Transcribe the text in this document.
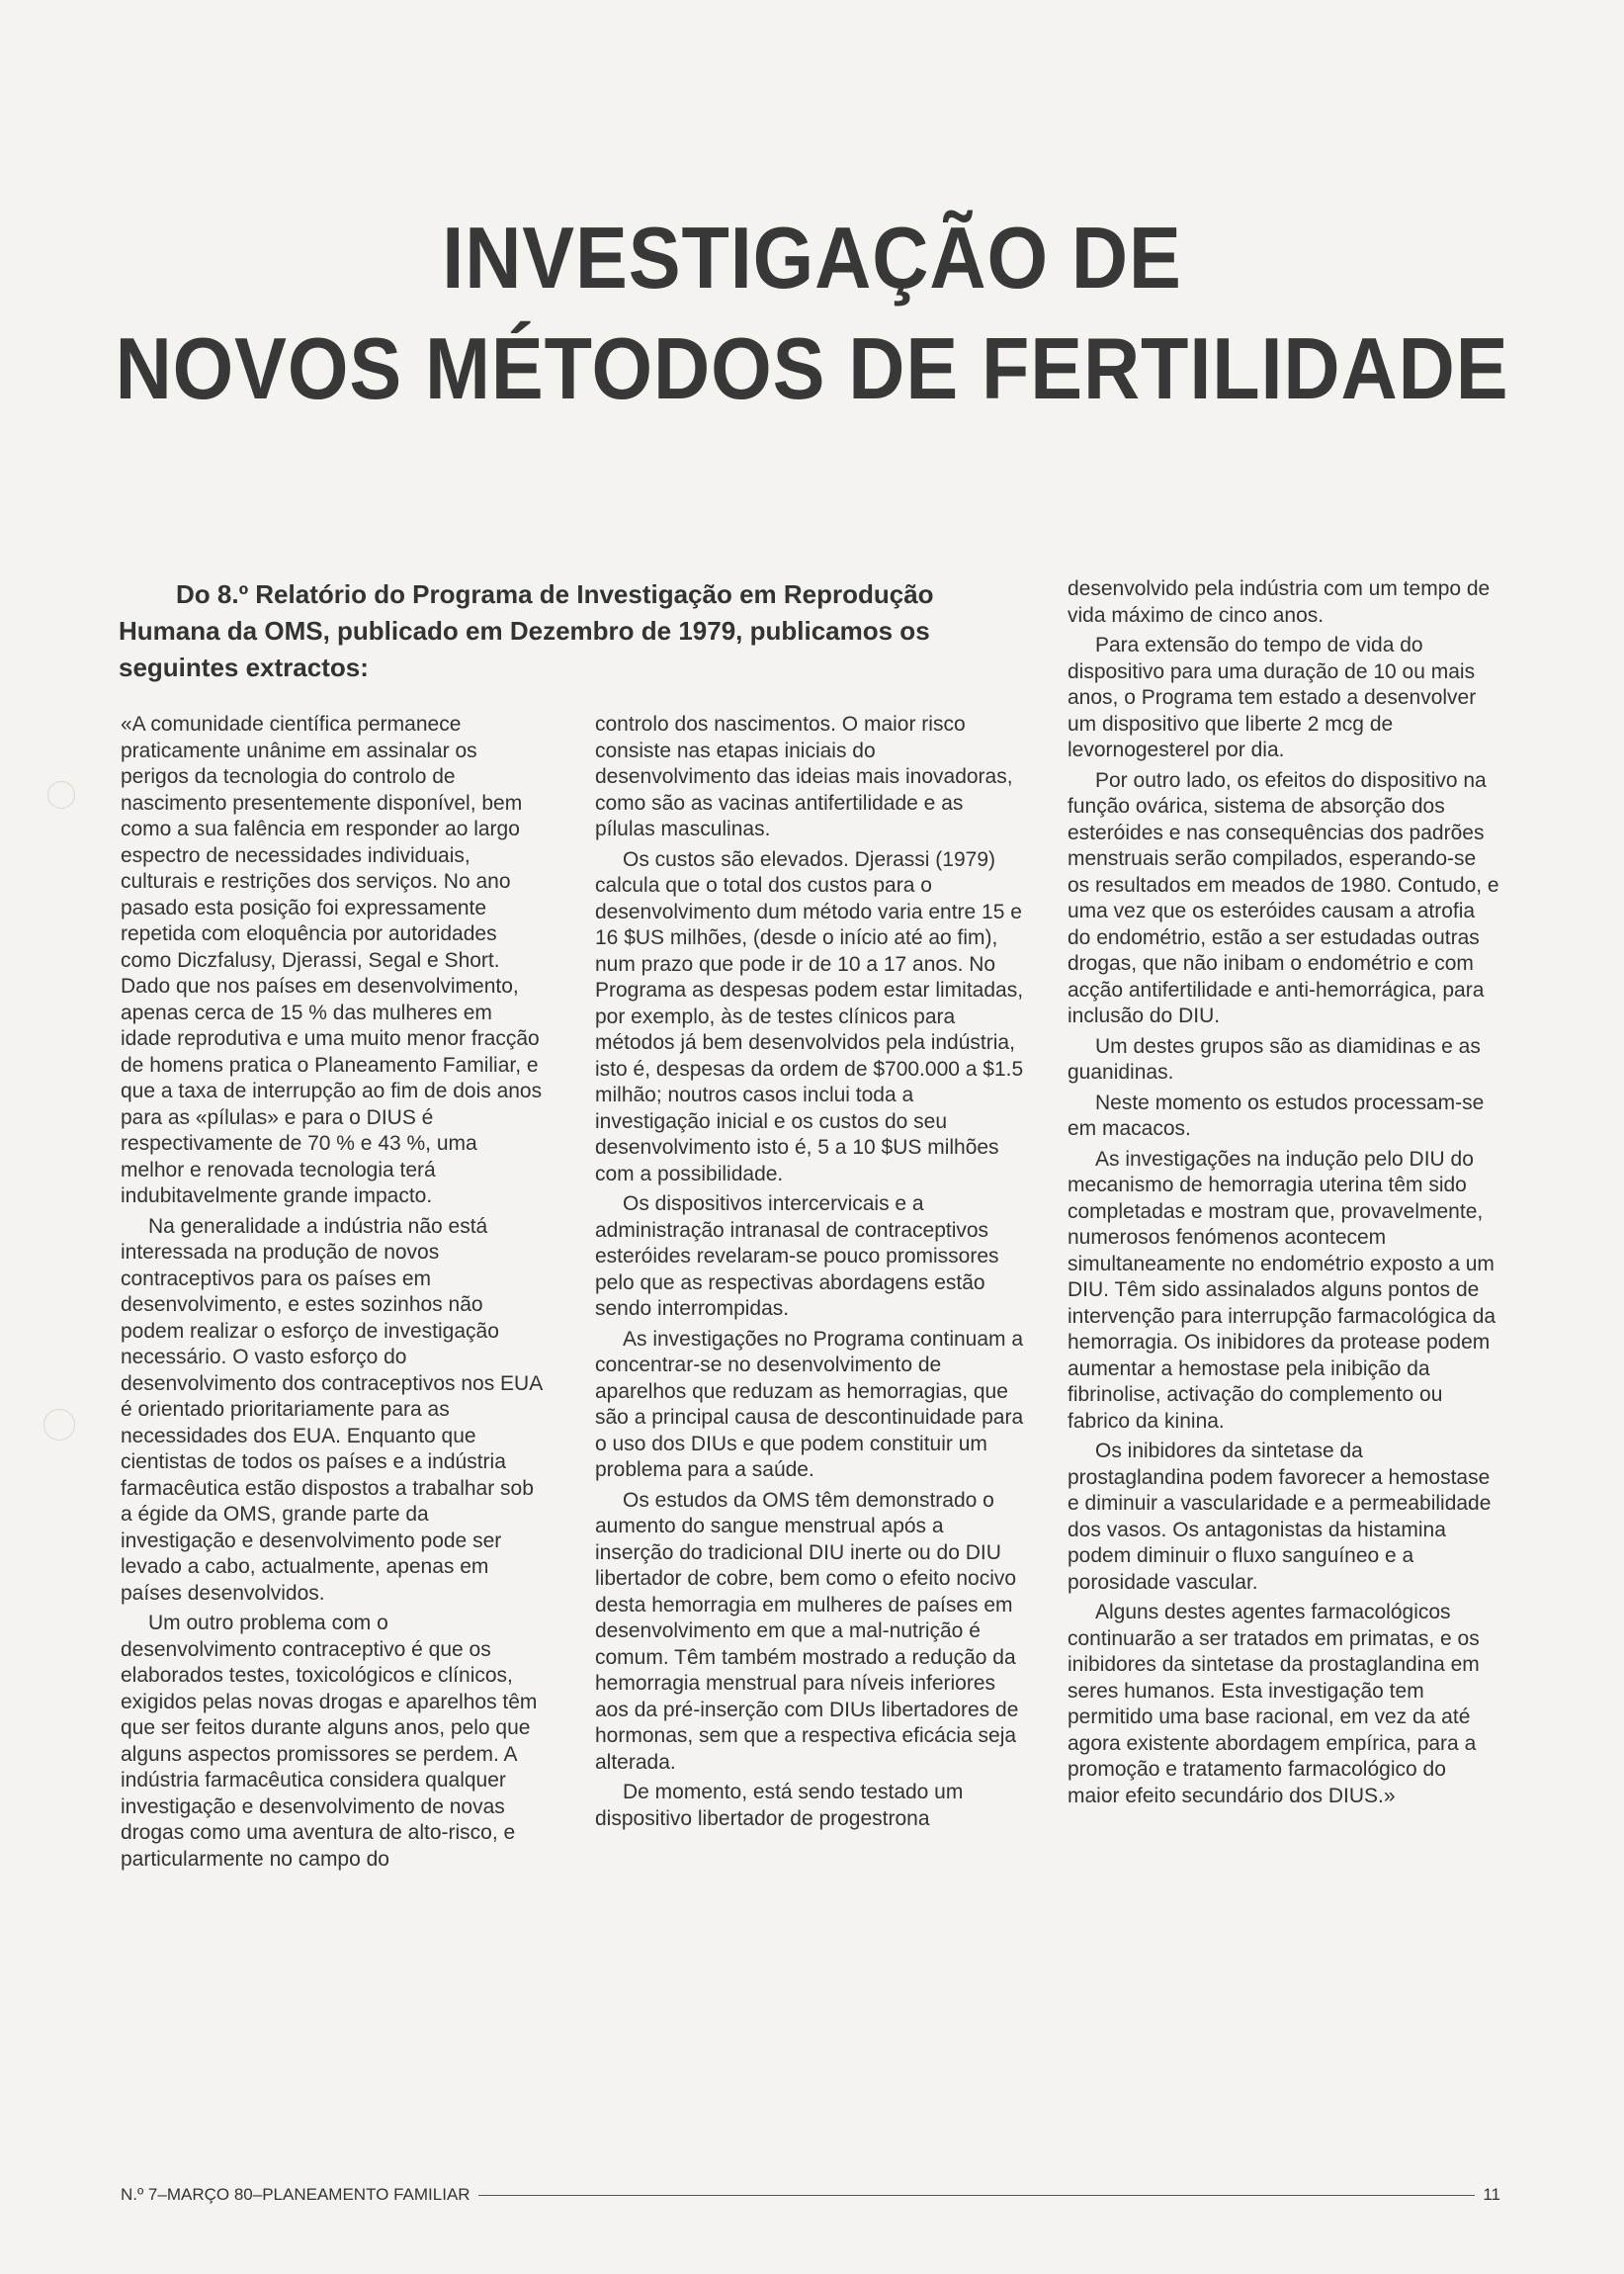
INVESTIGAÇÃO DE
NOVOS MÉTODOS DE FERTILIDADE
Do 8.º Relatório do Programa de Investigação em Reprodução
Humana da OMS, publicado em Dezembro de 1979, publicamos os
seguintes extractos:

«A comunidade científica permanece praticamente unânime em assinalar os perigos da tecnologia do controlo de nascimento presentemente disponível, bem como a sua falência em responder ao largo espectro de necessidades individuais, culturais e restrições dos serviços. No ano pasado esta posição foi expressamente repetida com eloquência por autoridades como Diczfalusy, Djerassi, Segal e Short. Dado que nos países em desenvolvimento, apenas cerca de 15 % das mulheres em idade reprodutiva e uma muito menor fracção de homens pratica o Planeamento Familiar, e que a taxa de interrupção ao fim de dois anos para as «pílulas» e para o DIUS é respectivamente de 70 % e 43 %, uma melhor e renovada tecnologia terá indubitavelmente grande impacto.

Na generalidade a indústria não está interessada na produção de novos contraceptivos para os países em desenvolvimento, e estes sozinhos não podem realizar o esforço de investigação necessário. O vasto esforço do desenvolvimento dos contraceptivos nos EUA é orientado prioritariamente para as necessidades dos EUA. Enquanto que cientistas de todos os países e a indústria farmacêutica estão dispostos a trabalhar sob a égide da OMS, grande parte da investigação e desenvolvimento pode ser levado a cabo, actualmente, apenas em países desenvolvidos.

Um outro problema com o desenvolvimento contraceptivo é que os elaborados testes, toxicológicos e clínicos, exigidos pelas novas drogas e aparelhos têm que ser feitos durante alguns anos, pelo que alguns aspectos promissores se perdem. A indústria farmacêutica considera qualquer investigação e desenvolvimento de novas drogas como uma aventura de alto-risco, e particularmente no campo do

controlo dos nascimentos. O maior risco consiste nas etapas iniciais do desenvolvimento das ideias mais inovadoras, como são as vacinas antifertilidade e as pílulas masculinas.

Os custos são elevados. Djerassi (1979) calcula que o total dos custos para o desenvolvimento dum método varia entre 15 e 16 $US milhões, (desde o início até ao fim), num prazo que pode ir de 10 a 17 anos. No Programa as despesas podem estar limitadas, por exemplo, às de testes clínicos para métodos já bem desenvolvidos pela indústria, isto é, despesas da ordem de $700.000 a $1.5 milhão; noutros casos inclui toda a investigação inicial e os custos do seu desenvolvimento isto é, 5 a 10 $US milhões com a possibilidade.

Os dispositivos intercervicais e a administração intranasal de contraceptivos esteróides revelaram-se pouco promissores pelo que as respectivas abordagens estão sendo interrompidas.

As investigações no Programa continuam a concentrar-se no desenvolvimento de aparelhos que reduzam as hemorragias, que são a principal causa de descontinuidade para o uso dos DIUs e que podem constituir um problema para a saúde.

Os estudos da OMS têm demonstrado o aumento do sangue menstrual após a inserção do tradicional DIU inerte ou do DIU libertador de cobre, bem como o efeito nocivo desta hemorragia em mulheres de países em desenvolvimento em que a mal-nutrição é comum. Têm também mostrado a redução da hemorragia menstrual para níveis inferiores aos da pré-inserção com DIUs libertadores de hormonas, sem que a respectiva eficácia seja alterada.

De momento, está sendo testado um dispositivo libertador de progestrona

desenvolvido pela indústria com um tempo de vida máximo de cinco anos.

Para extensão do tempo de vida do dispositivo para uma duração de 10 ou mais anos, o Programa tem estado a desenvolver um dispositivo que liberte 2 mcg de levornogesterel por dia.

Por outro lado, os efeitos do dispositivo na função ovárica, sistema de absorção dos esteróides e nas consequências dos padrões menstruais serão compilados, esperando-se os resultados em meados de 1980. Contudo, e uma vez que os esteróides causam a atrofia do endométrio, estão a ser estudadas outras drogas, que não inibam o endométrio e com acção antifertilidade e anti-hemorrágica, para inclusão do DIU.

Um destes grupos são as diamidinas e as guanidinas.

Neste momento os estudos processam-se em macacos.

As investigações na indução pelo DIU do mecanismo de hemorragia uterina têm sido completadas e mostram que, provavelmente, numerosos fenómenos acontecem simultaneamente no endométrio exposto a um DIU. Têm sido assinalados alguns pontos de intervenção para interrupção farmacológica da hemorragia. Os inibidores da protease podem aumentar a hemostase pela inibição da fibrinolise, activação do complemento ou fabrico da kinina.

Os inibidores da sintetase da prostaglandina podem favorecer a hemostase e diminuir a vascularidade e a permeabilidade dos vasos. Os antagonistas da histamina podem diminuir o fluxo sanguíneo e a porosidade vascular.

Alguns destes agentes farmacológicos continuarão a ser tratados em primatas, e os inibidores da sintetase da prostaglandina em seres humanos. Esta investigação tem permitido uma base racional, em vez da até agora existente abordagem empírica, para a promoção e tratamento farmacológico do maior efeito secundário dos DIUS.»

N.º 7–MARÇO 80–PLANEAMENTO FAMILIAR	11
